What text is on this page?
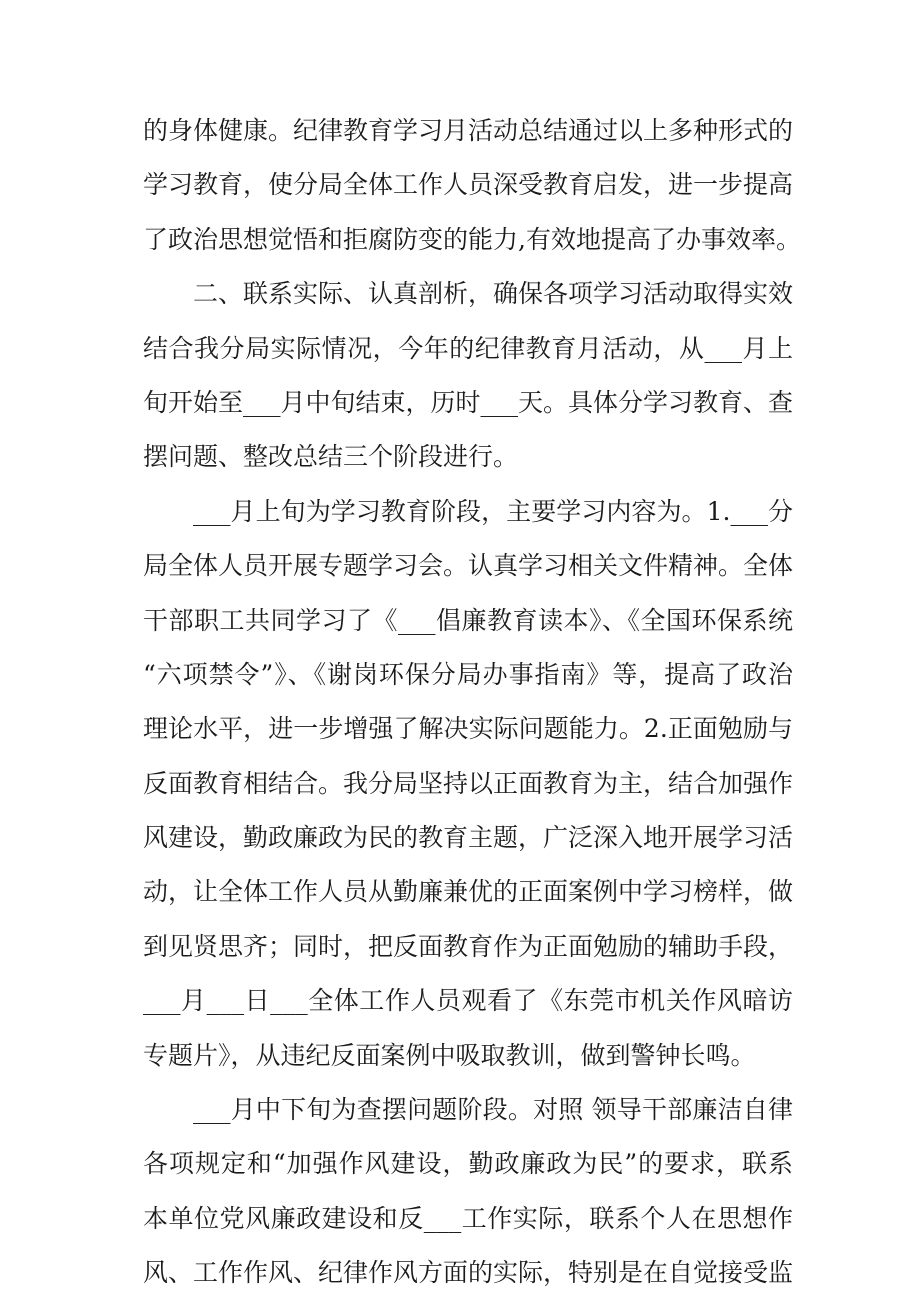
的身体健康。纪律教育学习月活动总结通过以上多种形式的
学习教育，使分局全体工作人员深受教育启发，进一步提高
了政治思想觉悟和拒腐防变的能力,有效地提高了办事效率。
二、联系实际、认真剖析，确保各项学习活动取得实效
结合我分局实际情况，今年的纪律教育月活动，从___月上
旬开始至___月中旬结束，历时___天。具体分学习教育、查
摆问题、整改总结三个阶段进行。
___月上旬为学习教育阶段，主要学习内容为。1.___分
局全体人员开展专题学习会。认真学习相关文件精神。全体
干部职工共同学习了《___倡廉教育读本》、《全国环保系统
“六项禁令”》、《谢岗环保分局办事指南》等，提高了政治
理论水平，进一步增强了解决实际问题能力。2.正面勉励与
反面教育相结合。我分局坚持以正面教育为主，结合加强作
风建设，勤政廉政为民的教育主题，广泛深入地开展学习活
动，让全体工作人员从勤廉兼优的正面案例中学习榜样，做
到见贤思齐；同时，把反面教育作为正面勉励的辅助手段，
___月___日___全体工作人员观看了《东莞市机关作风暗访
专题片》，从违纪反面案例中吸取教训，做到警钟长鸣。
___月中下旬为查摆问题阶段。对照 领导干部廉洁自律
各项规定和“加强作风建设，勤政廉政为民”的要求，联系
本单位党风廉政建设和反___工作实际，联系个人在思想作
风、工作作风、纪律作风方面的实际，特别是在自觉接受监
